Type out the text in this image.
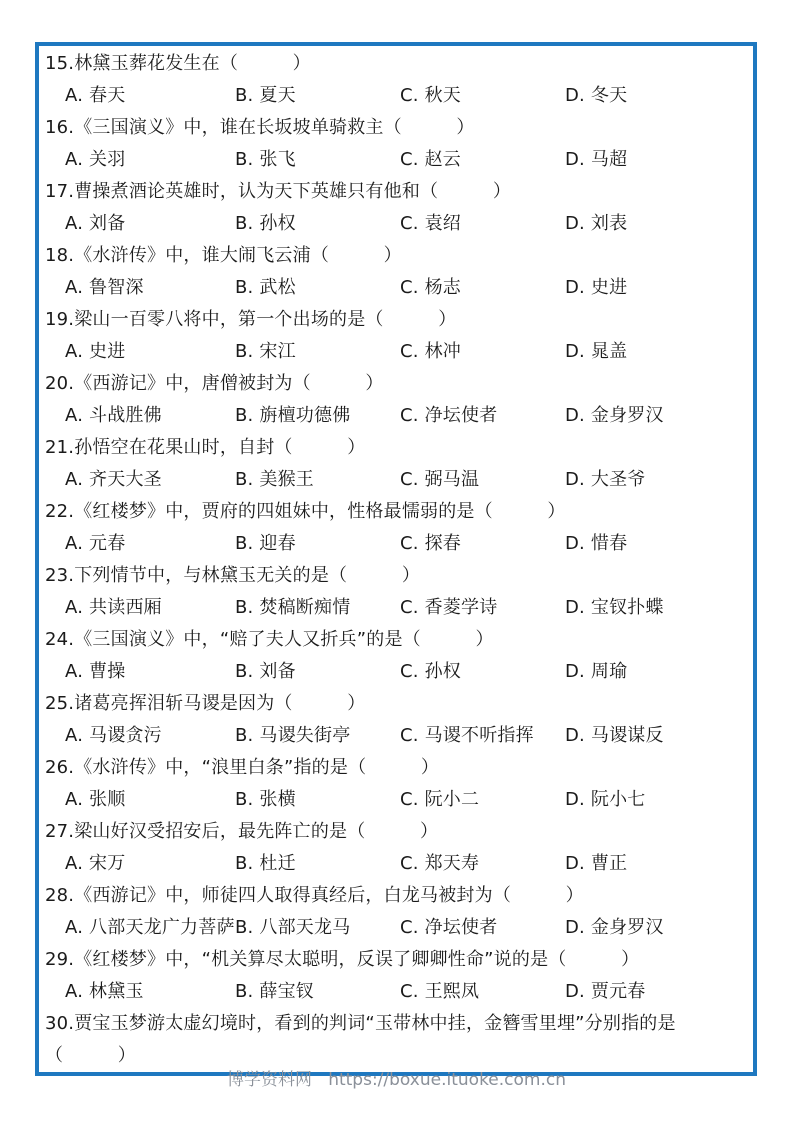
15.林黛玉葬花发生在（　　　）
A. 春天	B. 夏天	C. 秋天	D. 冬天
16.《三国演义》中，谁在长坂坡单骑救主（　　　）
A. 关羽	B. 张飞	C. 赵云	D. 马超
17.曹操煮酒论英雄时，认为天下英雄只有他和（　　　）
A. 刘备	B. 孙权	C. 袁绍	D. 刘表
18.《水浒传》中，谁大闹飞云浦（　　　）
A. 鲁智深	B. 武松	C. 杨志	D. 史进
19.梁山一百零八将中，第一个出场的是（　　　）
A. 史进	B. 宋江	C. 林冲	D. 晁盖
20.《西游记》中，唐僧被封为（　　　）
A. 斗战胜佛	B. 旃檀功德佛	C. 净坛使者	D. 金身罗汉
21.孙悟空在花果山时，自封（　　　）
A. 齐天大圣	B. 美猴王	C. 弼马温	D. 大圣爷
22.《红楼梦》中，贾府的四姐妹中，性格最懦弱的是（　　　）
A. 元春	B. 迎春	C. 探春	D. 惜春
23.下列情节中，与林黛玉无关的是（　　　）
A. 共读西厢	B. 焚稿断痴情	C. 香菱学诗	D. 宝钗扑蝶
24.《三国演义》中，“赔了夫人又折兵”的是（　　　）
A. 曹操	B. 刘备	C. 孙权	D. 周瑜
25.诸葛亮挥泪斩马谡是因为（　　　）
A. 马谡贪污	B. 马谡失街亭	C. 马谡不听指挥	D. 马谡谋反
26.《水浒传》中，“浪里白条”指的是（　　　）
A. 张顺	B. 张横	C. 阮小二	D. 阮小七
27.梁山好汉受招安后，最先阵亡的是（　　　）
A. 宋万	B. 杜迁	C. 郑天寿	D. 曹正
28.《西游记》中，师徒四人取得真经后，白龙马被封为（　　　）
A. 八部天龙广力菩萨 B. 八部天龙马	C. 净坛使者	D. 金身罗汉
29.《红楼梦》中，“机关算尽太聪明，反误了卿卿性命”说的是（　　　）
A. 林黛玉	B. 薛宝钗	C. 王熙凤	D. 贾元春
30.贾宝玉梦游太虚幻境时，看到的判词“玉带林中挂，金簪雪里埋”分别指的是 （　　　）
博学资料网 https://boxue.ituoke.com.cn
